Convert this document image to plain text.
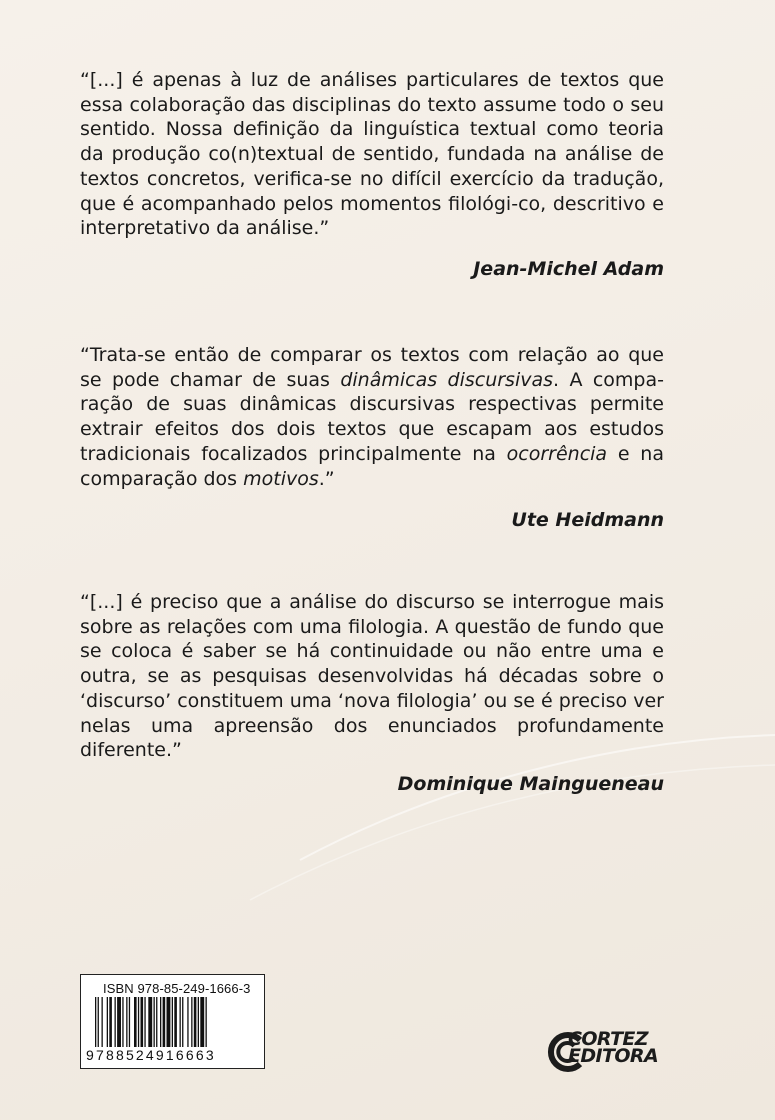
“[...] é apenas à luz de análises particulares de textos que essa colaboração das disciplinas do texto assume todo o seu sentido. Nossa definição da linguística textual como teoria da produção co(n)textual de sentido, fundada na análise de textos concretos, verifica-se no difícil exercício da tradução, que é acompanhado pelos momentos filológi-co, descritivo e interpretativo da análise.”

Jean-Michel Adam

“Trata-se então de comparar os textos com relação ao que se pode chamar de suas dinâmicas discursivas. A compa-ração de suas dinâmicas discursivas respectivas permite extrair efeitos dos dois textos que escapam aos estudos tradicionais focalizados principalmente na ocorrência e na comparação dos motivos.”

Ute Heidmann

“[...] é preciso que a análise do discurso se interrogue mais sobre as relações com uma filologia. A questão de fundo que se coloca é saber se há continuidade ou não entre uma e outra, se as pesquisas desenvolvidas há décadas sobre o ‘discurso’ constituem uma ‘nova filologia’ ou se é preciso ver nelas uma apreensão dos enunciados profundamente diferente.”

Dominique Maingueneau
ISBN 978-85-249-1666-3
9788524916663
CORTEZ
EDITORA
